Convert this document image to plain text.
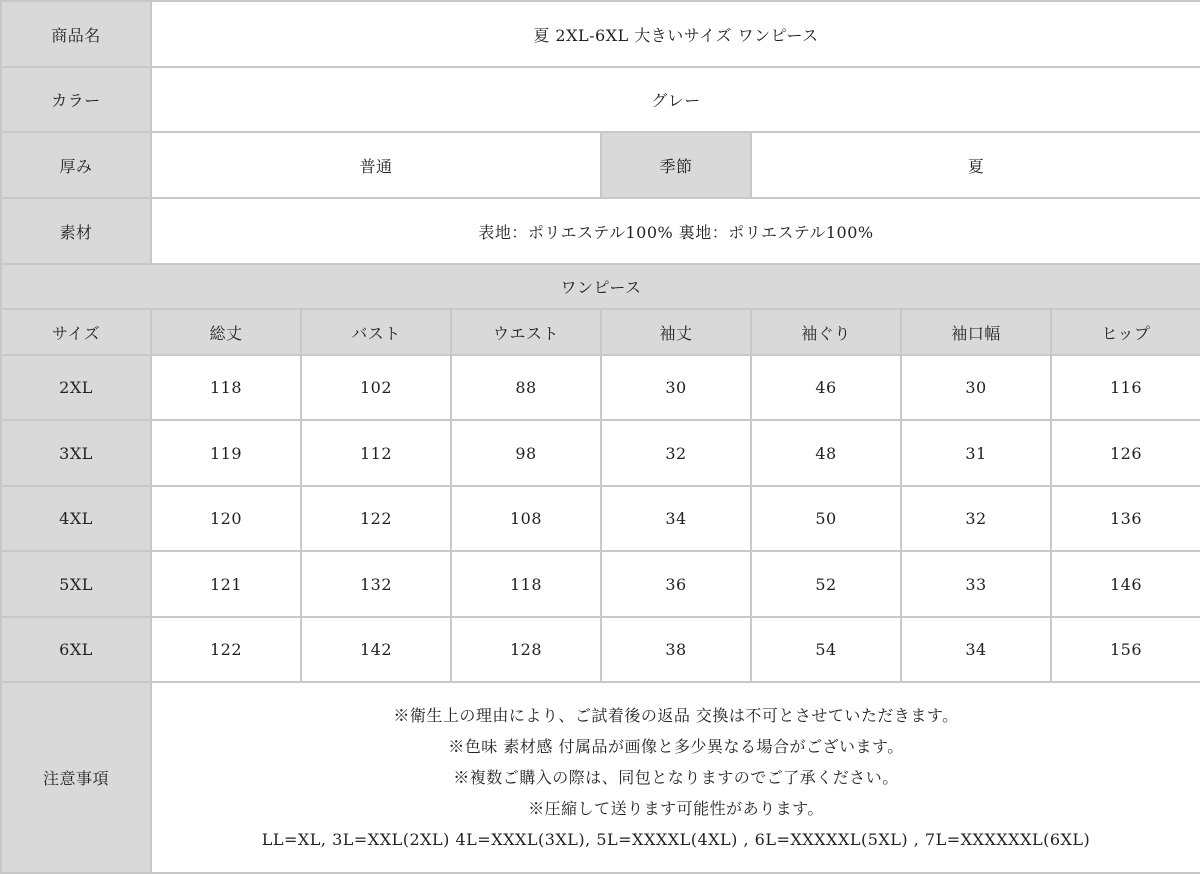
商品名	夏 2XL-6XL 大きいサイズ ワンピース						
カラー	グレー						
厚み	普通			季節	夏		
素材	表地：ポリエステル100% 裏地：ポリエステル100%						
ワンピース							
サイズ	総丈	バスト	ウエスト	袖丈	袖ぐり	袖口幅	ヒップ
2XL	118	102	88	30	46	30	116
3XL	119	112	98	32	48	31	126
4XL	120	122	108	34	50	32	136
5XL	121	132	118	36	52	33	146
6XL	122	142	128	38	54	34	156
注意事項	※衛生上の理由により、ご試着後の返品 交換は不可とさせていただきます。
※色味 素材感 付属品が画像と多少異なる場合がございます。
※複数ご購入の際は、同包となりますのでご了承ください。
※圧縮して送ります可能性があります。
LL=XL, 3L=XXL(2XL) 4L=XXXL(3XL), 5L=XXXXL(4XL) , 6L=XXXXXL(5XL) , 7L=XXXXXXL(6XL)						
